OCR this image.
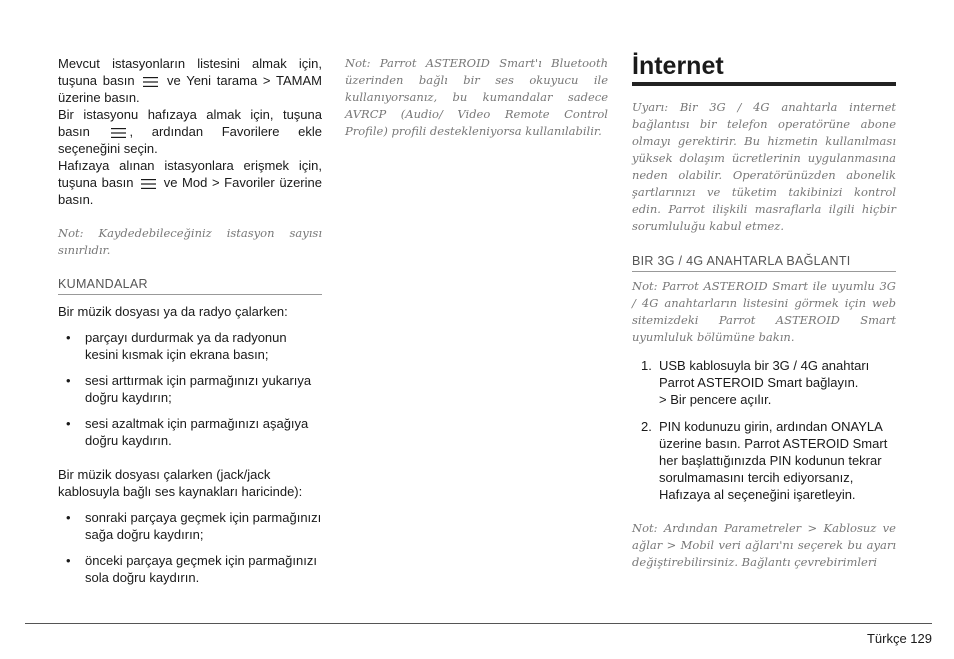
Mevcut istasyonların listesini almak için, tuşuna basın ve Yeni tarama > TAMAM üzerine basın.

Bir istasyonu hafızaya almak için, tuşuna basın	, ardından Favorilere ekle seçeneğini seçin.

Hafızaya alınan istasyonlara erişmek için, tuşuna basın ve Mod > Favoriler üzerine basın.

Not: Kaydedebileceğiniz istasyon sayısı sınırlıdır.

KUMANDALAR

Bir müzik dosyası ya da radyo çalarken:

• parçayı durdurmak ya da radyonun kesini kısmak için ekrana basın;
• sesi arttırmak için parmağınızı yukarıya doğru kaydırın;
• sesi azaltmak için parmağınızı aşağıya doğru kaydırın.

Bir müzik dosyası çalarken (jack/jack kablosuyla bağlı ses kaynakları haricinde):

• sonraki parçaya geçmek için parmağınızı sağa doğru kaydırın;
• önceki parçaya geçmek için parmağınızı sola doğru kaydırın.

Not: Parrot ASTEROID Smart'ı Bluetooth üzerinden bağlı bir ses okuyucu ile kullanıyorsanız, bu kumandalar sadece AVRCP (Audio/ Video Remote Control Profile) profili destekleniyorsa kullanılabilir.

İnternet

Uyarı: Bir 3G / 4G anahtarla internet bağlantısı bir telefon operatörüne abone olmayı gerektirir. Bu hizmetin kullanılması yüksek dolaşım ücretlerinin uygulanmasına neden olabilir. Operatörünüzden abonelik şartlarınızı ve tüketim takibinizi kontrol edin. Parrot ilişkili masraflarla ilgili hiçbir sorumluluğu kabul etmez.

BIR 3G / 4G ANAHTARLA BAĞLANTI

Not: Parrot ASTEROID Smart ile uyumlu 3G / 4G anahtarların listesini görmek için web sitemizdeki Parrot ASTEROID Smart uyumluluk bölümüne bakın.

1. USB kablosuyla bir 3G / 4G anahtarı Parrot ASTEROID Smart bağlayın.
> Bir pencere açılır.
2. PIN kodunuzu girin, ardından ONAYLA üzerine basın. Parrot ASTEROID Smart her başlattığınızda PIN kodunun tekrar sorulmamasını tercih ediyorsanız, Hafızaya al seçeneğini işaretleyin.

Not: Ardından Parametreler > Kablosuz ve ağlar > Mobil veri ağları'nı seçerek bu ayarı değiştirebilirsiniz. Bağlantı çevrebirimleri

Türkçe 129
